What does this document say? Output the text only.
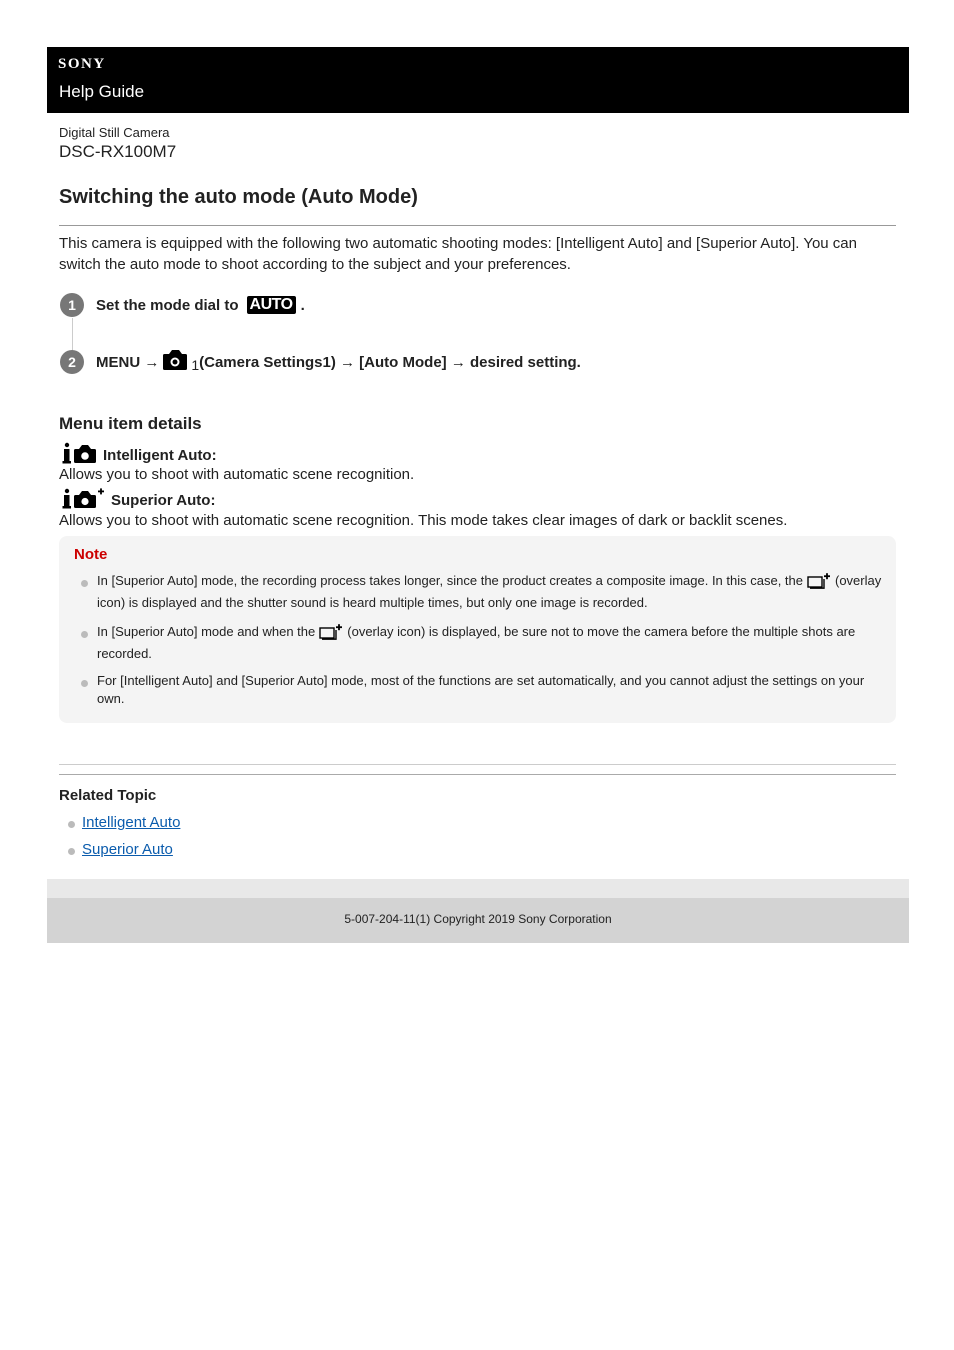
SONY
Help Guide
Digital Still Camera
DSC-RX100M7
Switching the auto mode (Auto Mode)

This camera is equipped with the following two automatic shooting modes: [Intelligent Auto] and [Superior Auto]. You can switch the auto mode to shoot according to the subject and your preferences.

1	Set the mode dial to AUTO .
2	MENU → 1 (Camera Settings1) → [Auto Mode] → desired setting.
Menu item details
Intelligent Auto:
Allows you to shoot with automatic scene recognition.
Superior Auto:
Allows you to shoot with automatic scene recognition. This mode takes clear images of dark or backlit scenes.
Note
In [Superior Auto] mode, the recording process takes longer, since the product creates a composite image. In this case, the (overlay icon) is displayed and the shutter sound is heard multiple times, but only one image is recorded.
In [Superior Auto] mode and when the (overlay icon) is displayed, be sure not to move the camera before the multiple shots are recorded.
For [Intelligent Auto] and [Superior Auto] mode, most of the functions are set automatically, and you cannot adjust the settings on your own.
Related Topic
Intelligent Auto
Superior Auto
5-007-204-11(1) Copyright 2019 Sony Corporation
